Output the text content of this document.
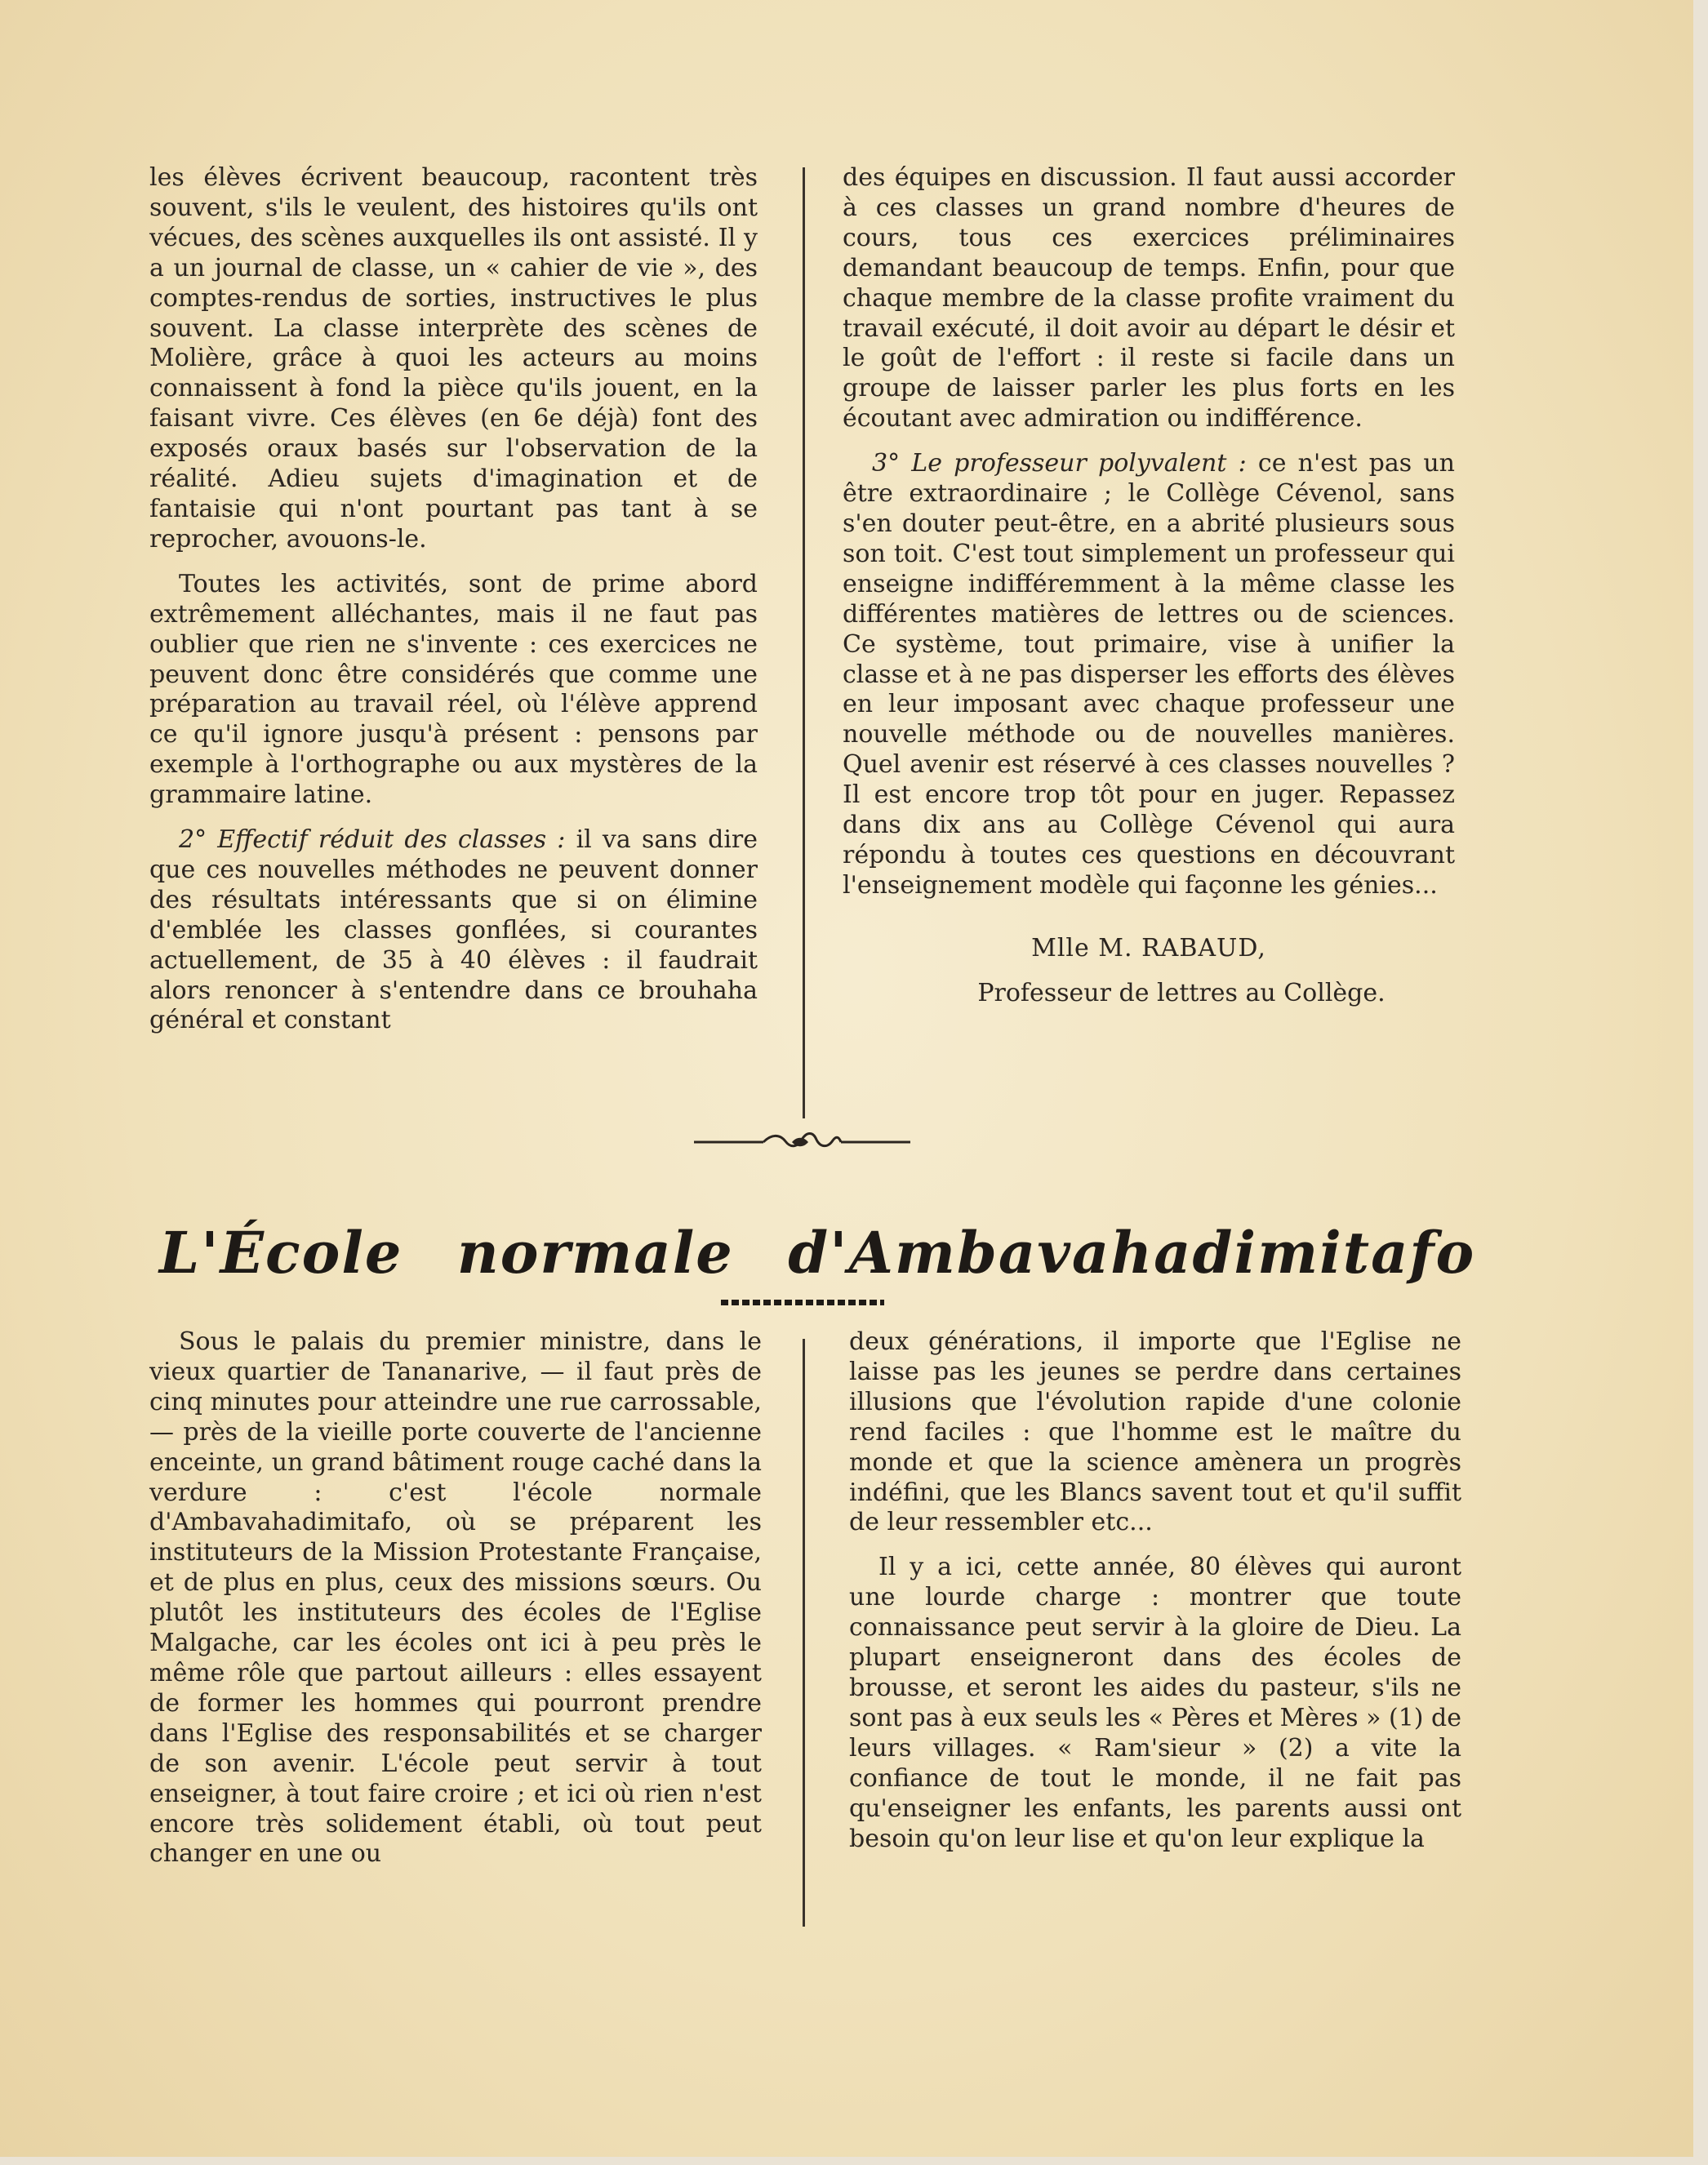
les élèves écrivent beaucoup, racontent très souvent, s'ils le veulent, des histoires qu'ils ont vécues, des scènes auxquelles ils ont assisté. Il y a un journal de classe, un « cahier de vie », des comptes-rendus de sorties, instructives le plus souvent. La classe interprète des scènes de Molière, grâce à quoi les acteurs au moins connaissent à fond la pièce qu'ils jouent, en la faisant vivre. Ces élèves (en 6e déjà) font des exposés oraux basés sur l'observation de la réalité. Adieu sujets d'imagination et de fantaisie qui n'ont pourtant pas tant à se reprocher, avouons-le.

Toutes les activités, sont de prime abord extrêmement alléchantes, mais il ne faut pas oublier que rien ne s'invente : ces exercices ne peuvent donc être considérés que comme une préparation au travail réel, où l'élève apprend ce qu'il ignore jusqu'à présent : pensons par exemple à l'orthographe ou aux mystères de la grammaire latine.

2° Effectif réduit des classes : il va sans dire que ces nouvelles méthodes ne peuvent donner des résultats intéressants que si on élimine d'emblée les classes gonflées, si courantes actuellement, de 35 à 40 élèves : il faudrait alors renoncer à s'entendre dans ce brouhaha général et constant

des équipes en discussion. Il faut aussi accorder à ces classes un grand nombre d'heures de cours, tous ces exercices préliminaires demandant beaucoup de temps. Enfin, pour que chaque membre de la classe profite vraiment du travail exécuté, il doit avoir au départ le désir et le goût de l'effort : il reste si facile dans un groupe de laisser parler les plus forts en les écoutant avec admiration ou indifférence.

3° Le professeur polyvalent : ce n'est pas un être extraordinaire ; le Collège Cévenol, sans s'en douter peut-être, en a abrité plusieurs sous son toit. C'est tout simplement un professeur qui enseigne indifféremment à la même classe les différentes matières de lettres ou de sciences. Ce système, tout primaire, vise à unifier la classe et à ne pas disperser les efforts des élèves en leur imposant avec chaque professeur une nouvelle méthode ou de nouvelles manières. Quel avenir est réservé à ces classes nouvelles ? Il est encore trop tôt pour en juger. Repassez dans dix ans au Collège Cévenol qui aura répondu à toutes ces questions en découvrant l'enseignement modèle qui façonne les génies...

Mlle M. RABAUD,

Professeur de lettres au Collège.

L'École normale d'Ambavahadimitafo

Sous le palais du premier ministre, dans le vieux quartier de Tananarive, — il faut près de cinq minutes pour atteindre une rue carrossable, — près de la vieille porte couverte de l'ancienne enceinte, un grand bâtiment rouge caché dans la verdure : c'est l'école normale d'Ambavahadimitafo, où se préparent les instituteurs de la Mission Protestante Française, et de plus en plus, ceux des missions sœurs. Ou plutôt les instituteurs des écoles de l'Eglise Malgache, car les écoles ont ici à peu près le même rôle que partout ailleurs : elles essayent de former les hommes qui pourront prendre dans l'Eglise des responsabilités et se charger de son avenir. L'école peut servir à tout enseigner, à tout faire croire ; et ici où rien n'est encore très solidement établi, où tout peut changer en une ou

deux générations, il importe que l'Eglise ne laisse pas les jeunes se perdre dans certaines illusions que l'évolution rapide d'une colonie rend faciles : que l'homme est le maître du monde et que la science amènera un progrès indéfini, que les Blancs savent tout et qu'il suffit de leur ressembler etc...

Il y a ici, cette année, 80 élèves qui auront une lourde charge : montrer que toute connaissance peut servir à la gloire de Dieu. La plupart enseigneront dans des écoles de brousse, et seront les aides du pasteur, s'ils ne sont pas à eux seuls les « Pères et Mères » (1) de leurs villages. « Ram'sieur » (2) a vite la confiance de tout le monde, il ne fait pas qu'enseigner les enfants, les parents aussi ont besoin qu'on leur lise et qu'on leur explique la
